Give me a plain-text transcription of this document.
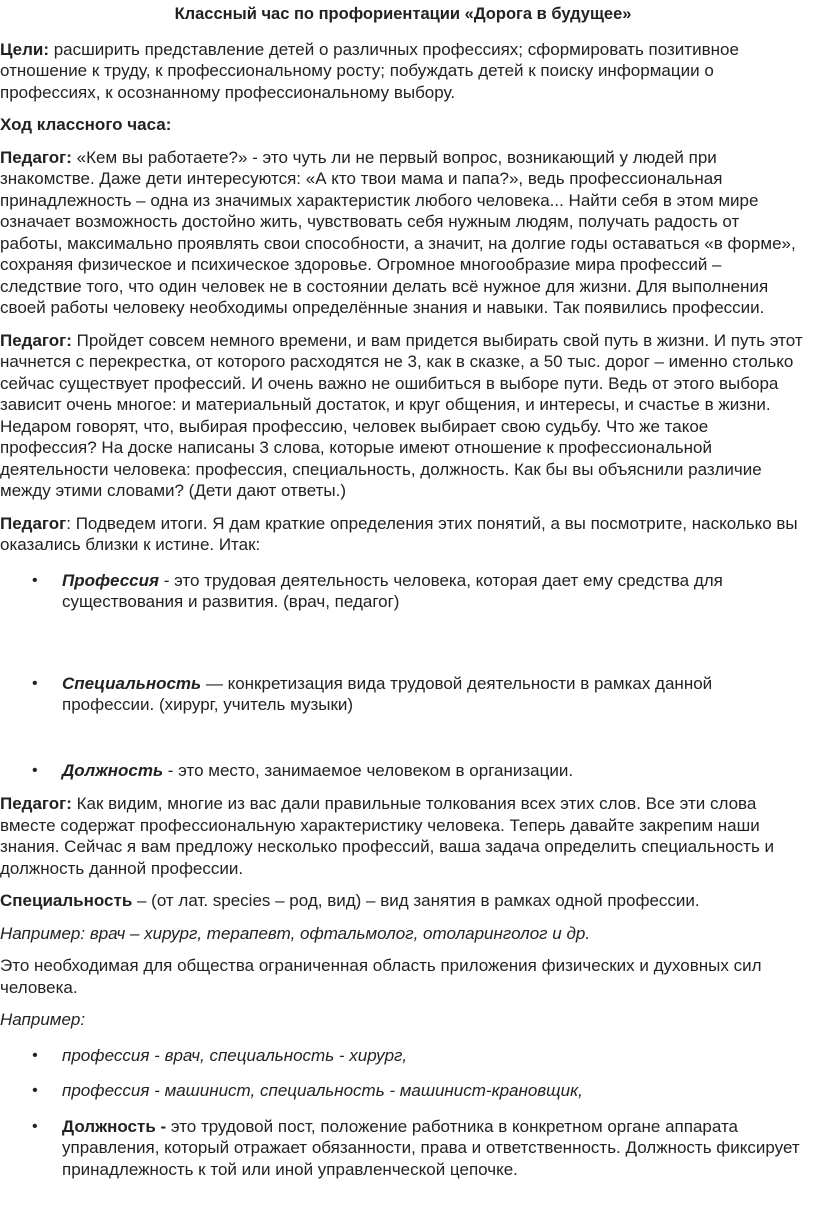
Классный час по профориентации «Дорога в будущее»

Цели: расширить представление детей о различных профессиях; сформировать позитивное отношение к труду, к профессиональному росту; побуждать детей к поиску информации о профессиях, к осознанному профессиональному выбору.

Ход классного часа:

Педагог: «Кем вы работаете?» - это чуть ли не первый вопрос, возникающий у людей при знакомстве. Даже дети интересуются: «А кто твои мама и папа?», ведь профессиональная принадлежность – одна из значимых характеристик любого человека... Найти себя в этом мире означает возможность достойно жить, чувствовать себя нужным людям, получать радость от работы, максимально проявлять свои способности, а значит, на долгие годы оставаться «в форме», сохраняя физическое и психическое здоровье. Огромное многообразие мира профессий – следствие того, что один человек не в состоянии делать всё нужное для жизни. Для выполнения своей работы человеку необходимы определённые знания и навыки. Так появились профессии.

Педагог: Пройдет совсем немного времени, и вам придется выбирать свой путь в жизни. И путь этот начнется с перекрестка, от которого расходятся не 3, как в сказке, а 50 тыс. дорог – именно столько сейчас существует профессий. И очень важно не ошибиться в выборе пути. Ведь от этого выбора зависит очень многое: и материальный достаток, и круг общения, и интересы, и счастье в жизни. Недаром говорят, что, выбирая профессию, человек выбирает свою судьбу. Что же такое профессия? На доске написаны 3 слова, которые имеют отношение к профессиональной деятельности человека: профессия, специальность, должность. Как бы вы объяснили различие между этими словами? (Дети дают ответы.)

Педагог: Подведем итоги. Я дам краткие определения этих понятий, а вы посмотрите, насколько вы оказались близки к истине. Итак:

• Профессия - это трудовая деятельность человека, которая дает ему средства для существования и развития. (врач, педагог)
• Специальность — конкретизация вида трудовой деятельности в рамках данной профессии. (хирург, учитель музыки)
• Должность - это место, занимаемое человеком в организации.

Педагог: Как видим, многие из вас дали правильные толкования всех этих слов. Все эти слова вместе содержат профессиональную характеристику человека. Теперь давайте закрепим наши знания. Сейчас я вам предложу несколько профессий, ваша задача определить специальность и должность данной профессии.

Специальность – (от лат. species – род, вид) – вид занятия в рамках одной профессии.

Например: врач – хирург, терапевт, офтальмолог, отоларинголог и др.

Это необходимая для общества ограниченная область приложения физических и духовных сил человека.

Например:

• профессия - врач, специальность - хирург,
• профессия - машинист, специальность - машинист-крановщик,
• Должность - это трудовой пост, положение работника в конкретном органе аппарата управления, который отражает обязанности, права и ответственность. Должность фиксирует принадлежность к той или иной управленческой цепочке.
